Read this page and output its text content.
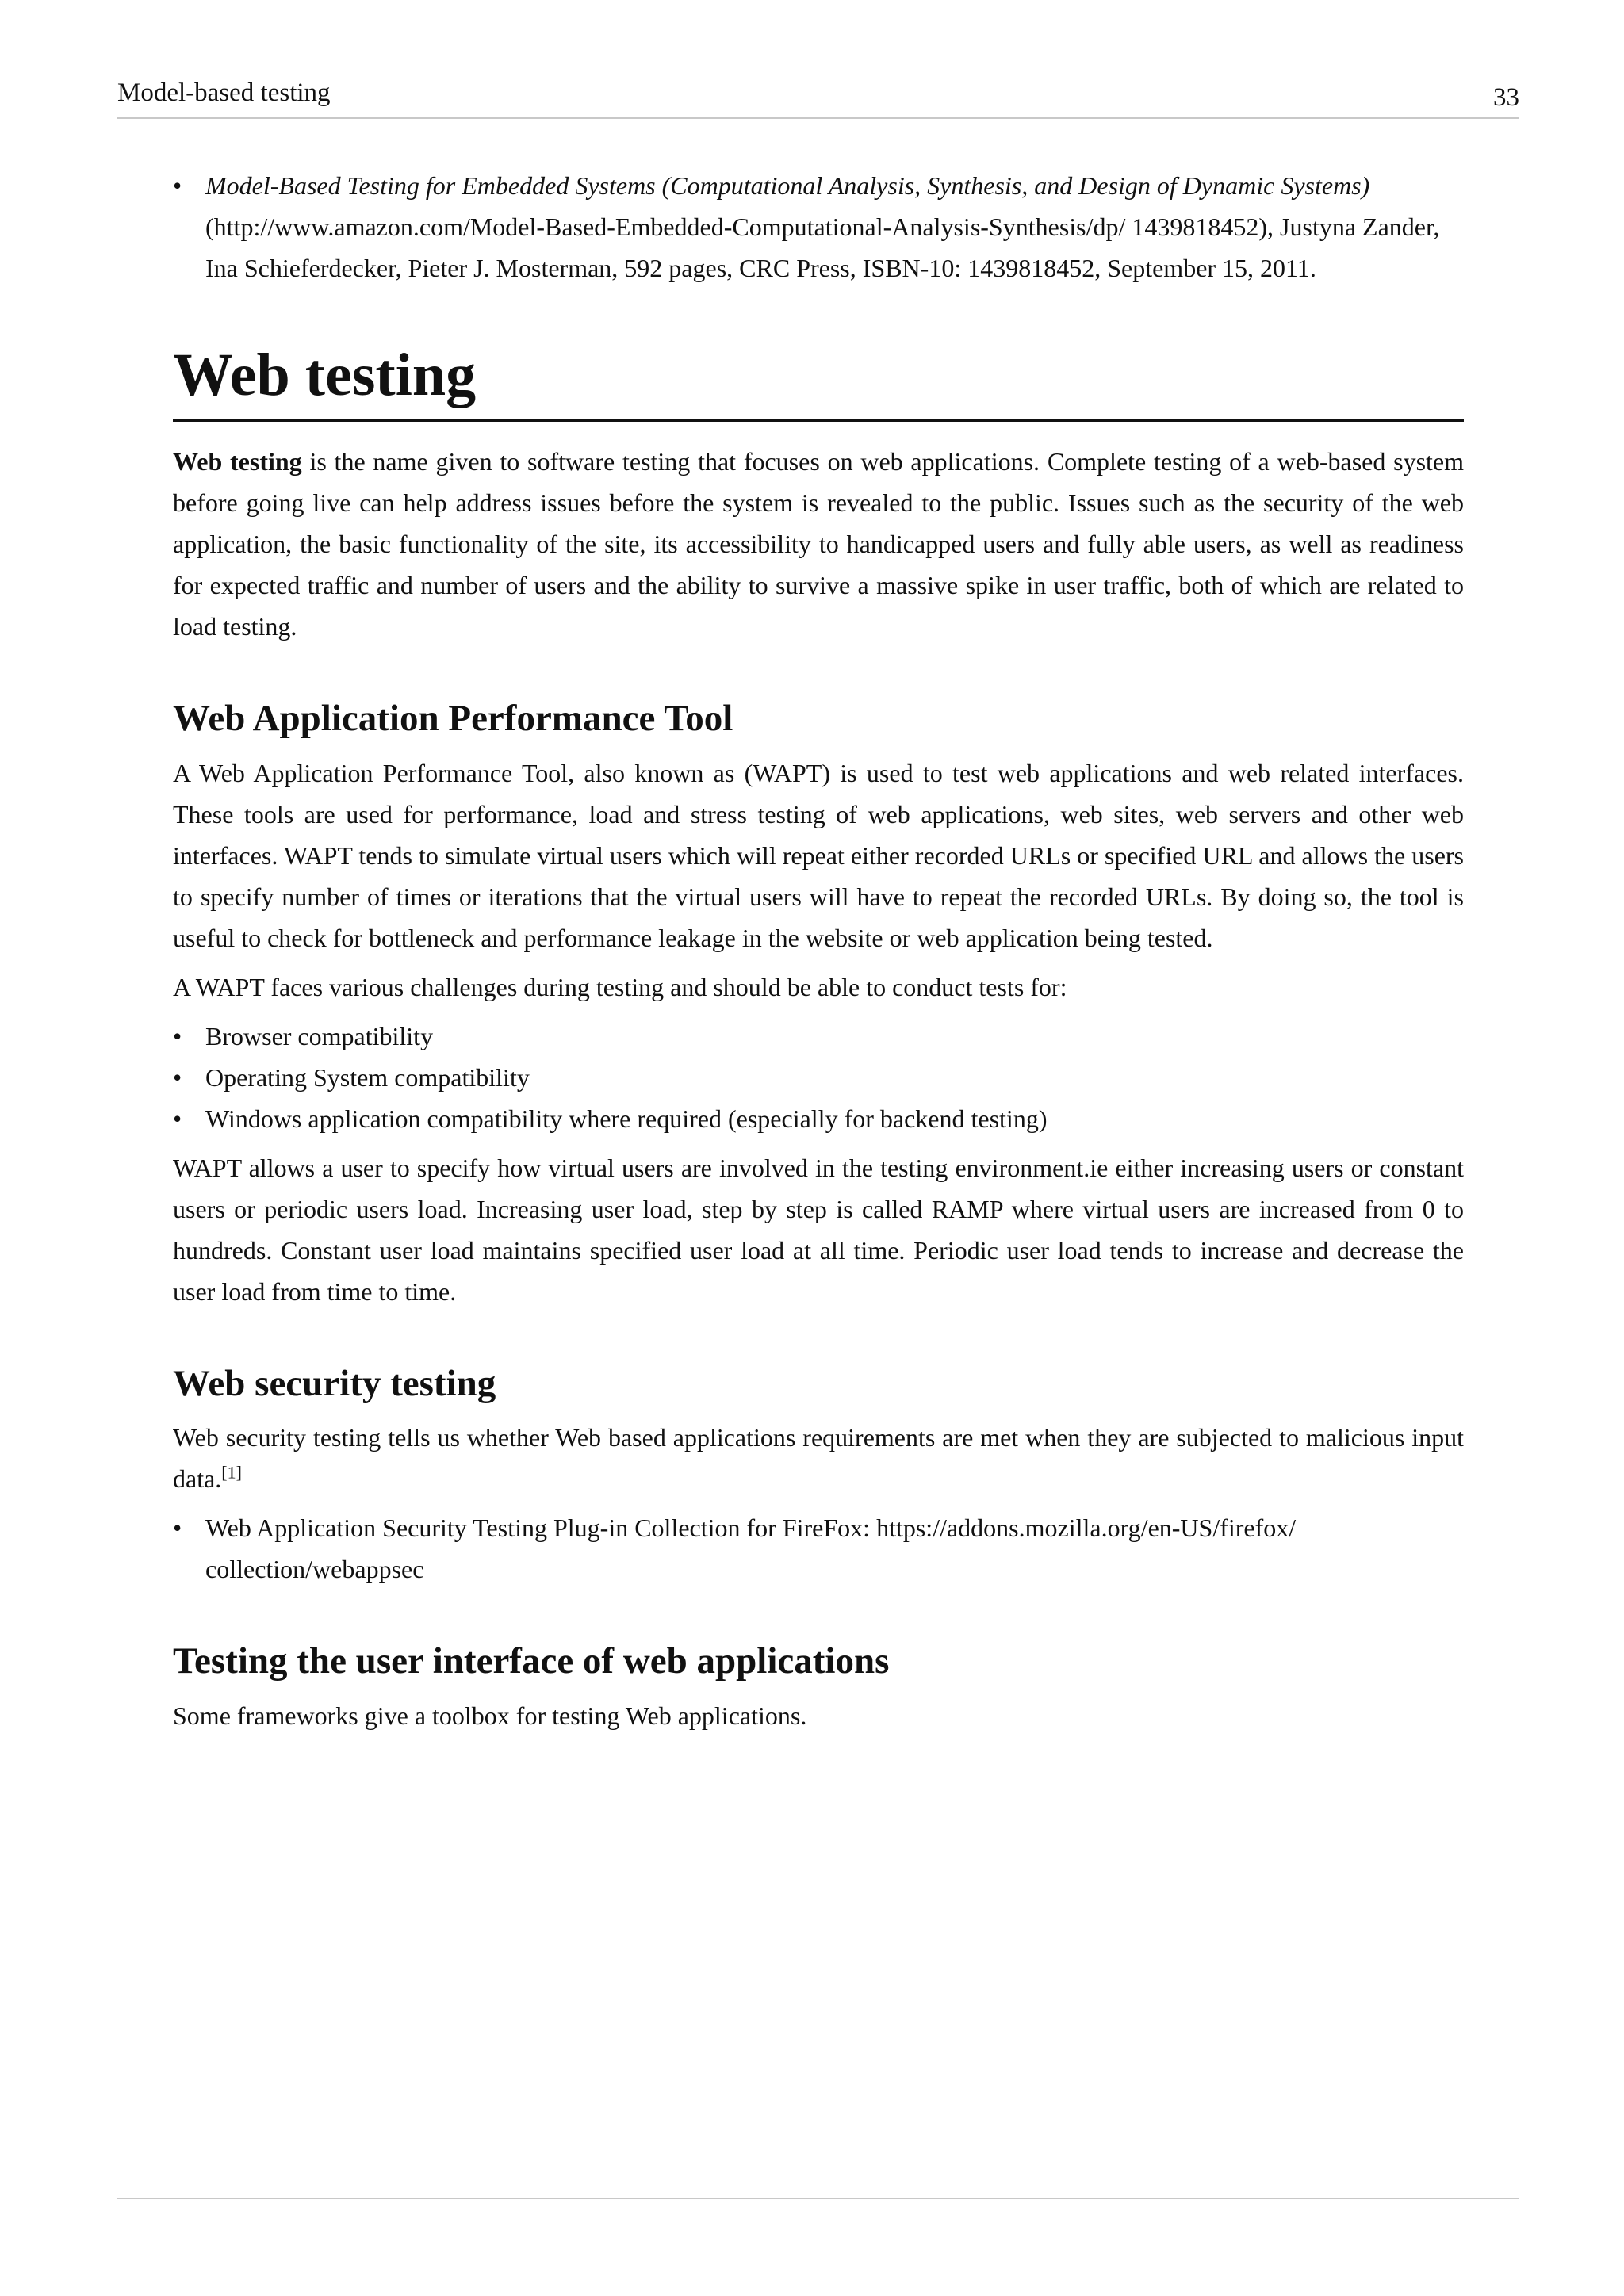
Model-based testing	33
• Model-Based Testing for Embedded Systems (Computational Analysis, Synthesis, and Design of Dynamic Systems) (http://www.amazon.com/Model-Based-Embedded-Computational-Analysis-Synthesis/dp/ 1439818452), Justyna Zander, Ina Schieferdecker, Pieter J. Mosterman, 592 pages, CRC Press, ISBN-10: 1439818452, September 15, 2011.
Web testing

Web testing is the name given to software testing that focuses on web applications. Complete testing of a web-based system before going live can help address issues before the system is revealed to the public. Issues such as the security of the web application, the basic functionality of the site, its accessibility to handicapped users and fully able users, as well as readiness for expected traffic and number of users and the ability to survive a massive spike in user traffic, both of which are related to load testing.

Web Application Performance Tool

A Web Application Performance Tool, also known as (WAPT) is used to test web applications and web related interfaces. These tools are used for performance, load and stress testing of web applications, web sites, web servers and other web interfaces. WAPT tends to simulate virtual users which will repeat either recorded URLs or specified URL and allows the users to specify number of times or iterations that the virtual users will have to repeat the recorded URLs. By doing so, the tool is useful to check for bottleneck and performance leakage in the website or web application being tested.

A WAPT faces various challenges during testing and should be able to conduct tests for:

• Browser compatibility
• Operating System compatibility
• Windows application compatibility where required (especially for backend testing)

WAPT allows a user to specify how virtual users are involved in the testing environment.ie either increasing users or constant users or periodic users load. Increasing user load, step by step is called RAMP where virtual users are increased from 0 to hundreds. Constant user load maintains specified user load at all time. Periodic user load tends to increase and decrease the user load from time to time.

Web security testing

Web security testing tells us whether Web based applications requirements are met when they are subjected to malicious input data.[1]

• Web Application Security Testing Plug-in Collection for FireFox: https://addons.mozilla.org/en-US/firefox/ collection/webappsec
Testing the user interface of web applications

Some frameworks give a toolbox for testing Web applications.
